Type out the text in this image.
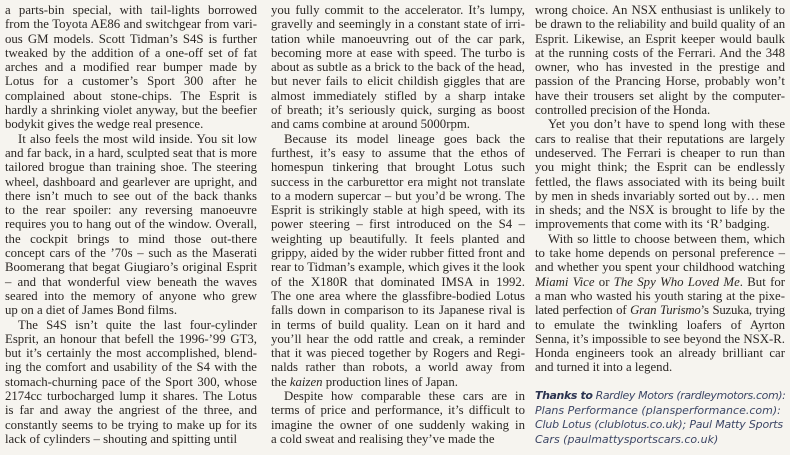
a parts-bin special, with tail-lights borrowed
from the Toyota AE86 and switchgear from vari-
ous GM models. Scott Tidman’s S4S is further
tweaked by the addition of a one-off set of fat
arches and a modified rear bumper made by
Lotus for a customer’s Sport 300 after he
complained about stone-chips. The Esprit is
hardly a shrinking violet anyway, but the beefier
bodykit gives the wedge real presence.
It also feels the most wild inside. You sit low
and far back, in a hard, sculpted seat that is more
tailored brogue than training shoe. The steering
wheel, dashboard and gearlever are upright, and
there isn’t much to see out of the back thanks
to the rear spoiler: any reversing manoeuvre
requires you to hang out of the window. Overall,
the cockpit brings to mind those out-there
concept cars of the ’70s – such as the Maserati
Boomerang that begat Giugiaro’s original Esprit
– and that wonderful view beneath the waves
seared into the memory of anyone who grew
up on a diet of James Bond films.
The S4S isn’t quite the last four-cylinder
Esprit, an honour that befell the 1996-’99 GT3,
but it’s certainly the most accomplished, blend-
ing the comfort and usability of the S4 with the
stomach-churning pace of the Sport 300, whose
2174cc turbocharged lump it shares. The Lotus
is far and away the angriest of the three, and
constantly seems to be trying to make up for its
lack of cylinders – shouting and spitting until
you fully commit to the accelerator. It’s lumpy,
gravelly and seemingly in a constant state of irri-
tation while manoeuvring out of the car park,
becoming more at ease with speed. The turbo is
about as subtle as a brick to the back of the head,
but never fails to elicit childish giggles that are
almost immediately stifled by a sharp intake
of breath; it’s seriously quick, surging as boost
and cams combine at around 5000rpm.
Because its model lineage goes back the
furthest, it’s easy to assume that the ethos of
homespun tinkering that brought Lotus such
success in the carburettor era might not translate
to a modern supercar – but you’d be wrong. The
Esprit is strikingly stable at high speed, with its
power steering – first introduced on the S4 –
weighting up beautifully. It feels planted and
grippy, aided by the wider rubber fitted front and
rear to Tidman’s example, which gives it the look
of the X180R that dominated IMSA in 1992.
The one area where the glassfibre-bodied Lotus
falls down in comparison to its Japanese rival is
in terms of build quality. Lean on it hard and
you’ll hear the odd rattle and creak, a reminder
that it was pieced together by Rogers and Regi-
nalds rather than robots, a world away from
the kaizen production lines of Japan.
Despite how comparable these cars are in
terms of price and performance, it’s difficult to
imagine the owner of one suddenly waking in
a cold sweat and realising they’ve made the
wrong choice. An NSX enthusiast is unlikely to
be drawn to the reliability and build quality of an
Esprit. Likewise, an Esprit keeper would baulk
at the running costs of the Ferrari. And the 348
owner, who has invested in the prestige and
passion of the Prancing Horse, probably won’t
have their trousers set alight by the computer-
controlled precision of the Honda.
Yet you don’t have to spend long with these
cars to realise that their reputations are largely
undeserved. The Ferrari is cheaper to run than
you might think; the Esprit can be endlessly
fettled, the flaws associated with its being built
by men in sheds invariably sorted out by… men
in sheds; and the NSX is brought to life by the
improvements that come with its ‘R’ badging.
With so little to choose between them, which
to take home depends on personal preference –
and whether you spent your childhood watching
Miami Vice or The Spy Who Loved Me. But for
a man who wasted his youth staring at the pixe-
lated perfection of Gran Turismo’s Suzuka, trying
to emulate the twinkling loafers of Ayrton
Senna, it’s impossible to see beyond the NSX-R.
Honda engineers took an already brilliant car
and turned it into a legend.
Thanks to Rardley Motors (rardleymotors.com):
Plans Performance (plansperformance.com):
Club Lotus (clublotus.co.uk); Paul Matty Sports
Cars (paulmattysportscars.co.uk)
